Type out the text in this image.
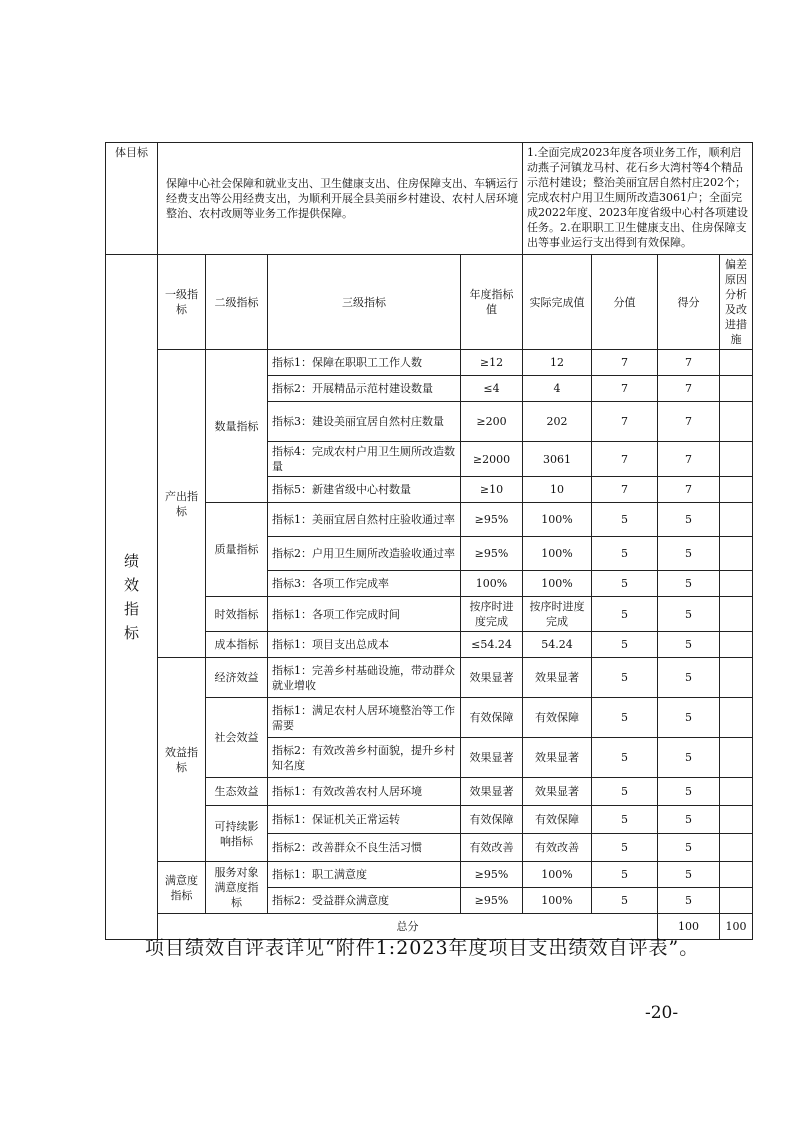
体目标	保障中心社会保障和就业支出、卫生健康支出、住房保障支出、车辆运行经费支出等公用经费支出，为顺利开展全县美丽乡村建设、农村人居环境整治、农村改厕等业务工作提供保障。				1.全面完成2023年度各项业务工作，顺利启动燕子河镇龙马村、花石乡大湾村等4个精品示范村建设；整治美丽宜居自然村庄202个；完成农村户用卫生厕所改造3061户；全面完成2022年度、2023年度省级中心村各项建设任务。2.在职职工卫生健康支出、住房保障支出等事业运行支出得到有效保障。				
绩效指标	一级指标	二级指标	三级指标	年度指标值	实际完成值	分值	得分	偏差原因分析及改进措施	
	产出指标	数量指标	指标1：保障在职职工工作人数	≥12	12	7	7		
			指标2：开展精品示范村建设数量	≤4	4	7	7		
			指标3：建设美丽宜居自然村庄数量	≥200	202	7	7		
			指标4：完成农村户用卫生厕所改造数量	≥2000	3061	7	7		
			指标5：新建省级中心村数量	≥10	10	7	7		
		质量指标	指标1：美丽宜居自然村庄验收通过率	≥95%	100%	5	5		
			指标2：户用卫生厕所改造验收通过率	≥95%	100%	5	5		
			指标3：各项工作完成率	100%	100%	5	5		
		时效指标	指标1：各项工作完成时间	按序时进度完成	按序时进度完成	5	5		
		成本指标	指标1：项目支出总成本	≤54.24	54.24	5	5		
	效益指标	经济效益	指标1：完善乡村基础设施，带动群众就业增收	效果显著	效果显著	5	5		
		社会效益	指标1：满足农村人居环境整治等工作需要	有效保障	有效保障	5	5		
			指标2：有效改善乡村面貌，提升乡村知名度	效果显著	效果显著	5	5		
		生态效益	指标1：有效改善农村人居环境	效果显著	效果显著	5	5		
		可持续影响指标	指标1：保证机关正常运转	有效保障	有效保障	5	5		
			指标2：改善群众不良生活习惯	有效改善	有效改善	5	5		
	满意度指标	服务对象满意度指标	指标1：职工满意度	≥95%	100%	5	5		
			指标2：受益群众满意度	≥95%	100%	5	5		
	总分						100	100	
项目绩效自评表详见“附件1:2023年度项目支出绩效自评表”。
-20-
